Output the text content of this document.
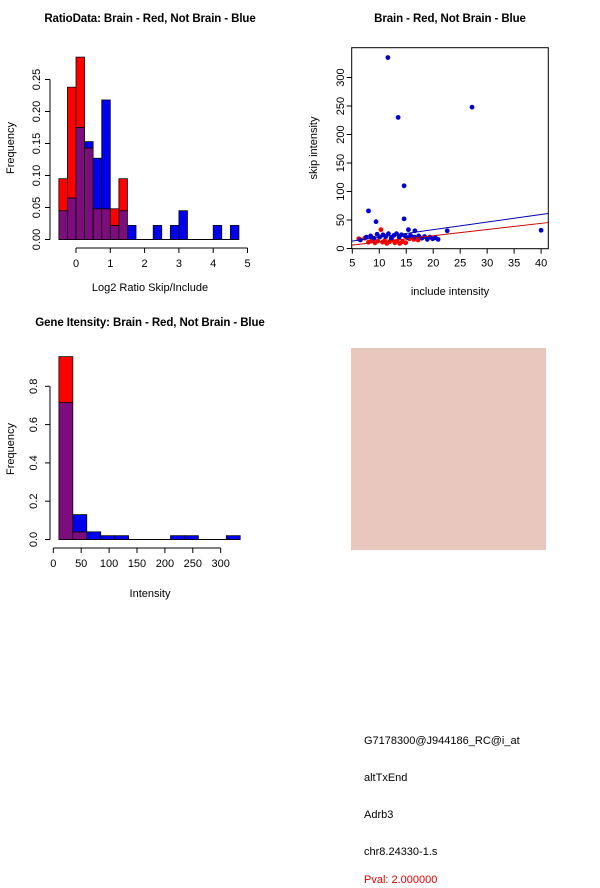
0.00
0.05
0.10
0.15
0.20
0.25
0	1	2	3	4	5	5 10 15 20 25 30 35 40
0
50
100
150
200
250
300
0.0
0.2
0.4
0.6
0.8
0 50 100 150 200 250 300
RatioData: Brain - Red, Not Brain - Blue
Frequency
Log2 Ratio Skip/Include
Brain - Red, Not Brain - Blue
skip intensity
include intensity
Gene Itensity: Brain - Red, Not Brain - Blue
Frequency
Intensity
G7178300@J944186_RC@i_at
altTxEnd
Adrb3
chr8.24330-1.s
Pval: 2.000000
